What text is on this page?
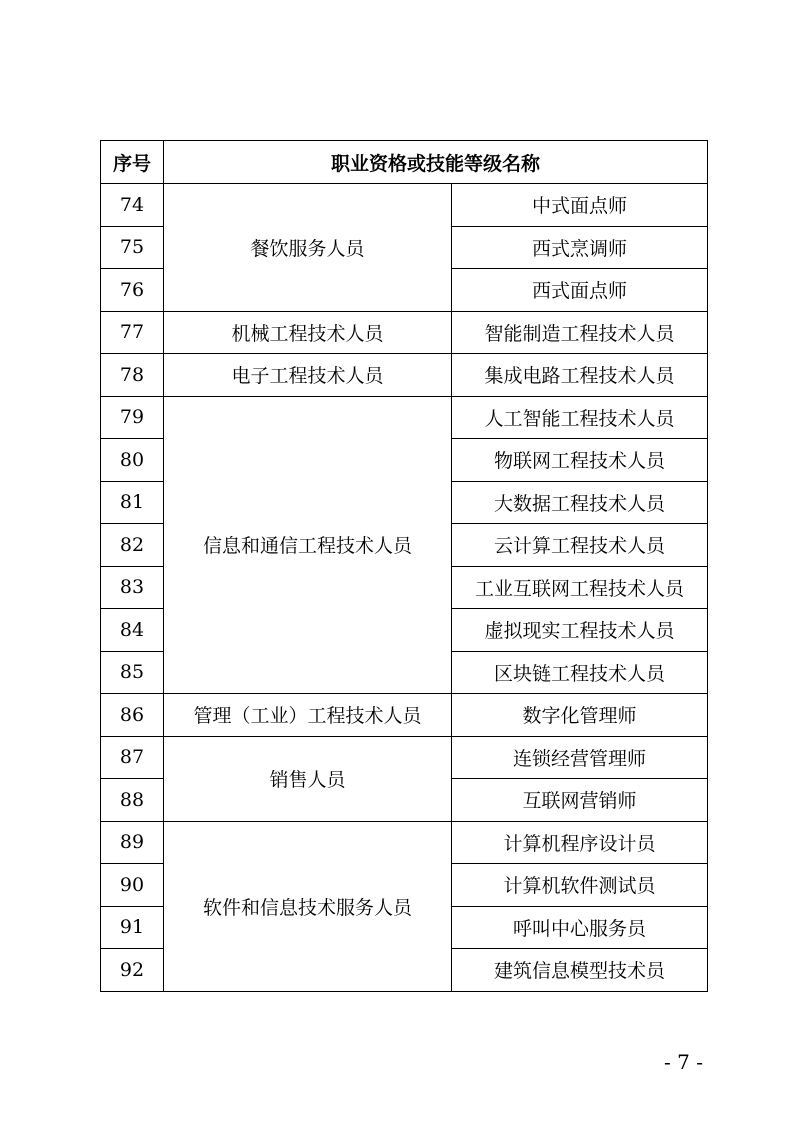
序号	职业资格或技能等级名称	
74	餐饮服务人员	中式面点师
75		西式烹调师
76		西式面点师
77	机械工程技术人员	智能制造工程技术人员
78	电子工程技术人员	集成电路工程技术人员
79	信息和通信工程技术人员	人工智能工程技术人员
80		物联网工程技术人员
81		大数据工程技术人员
82		云计算工程技术人员
83		工业互联网工程技术人员
84		虚拟现实工程技术人员
85		区块链工程技术人员
86	管理（工业）工程技术人员	数字化管理师
87	销售人员	连锁经营管理师
88		互联网营销师
89	软件和信息技术服务人员	计算机程序设计员
90		计算机软件测试员
91		呼叫中心服务员
92		建筑信息模型技术员
- 7 -
